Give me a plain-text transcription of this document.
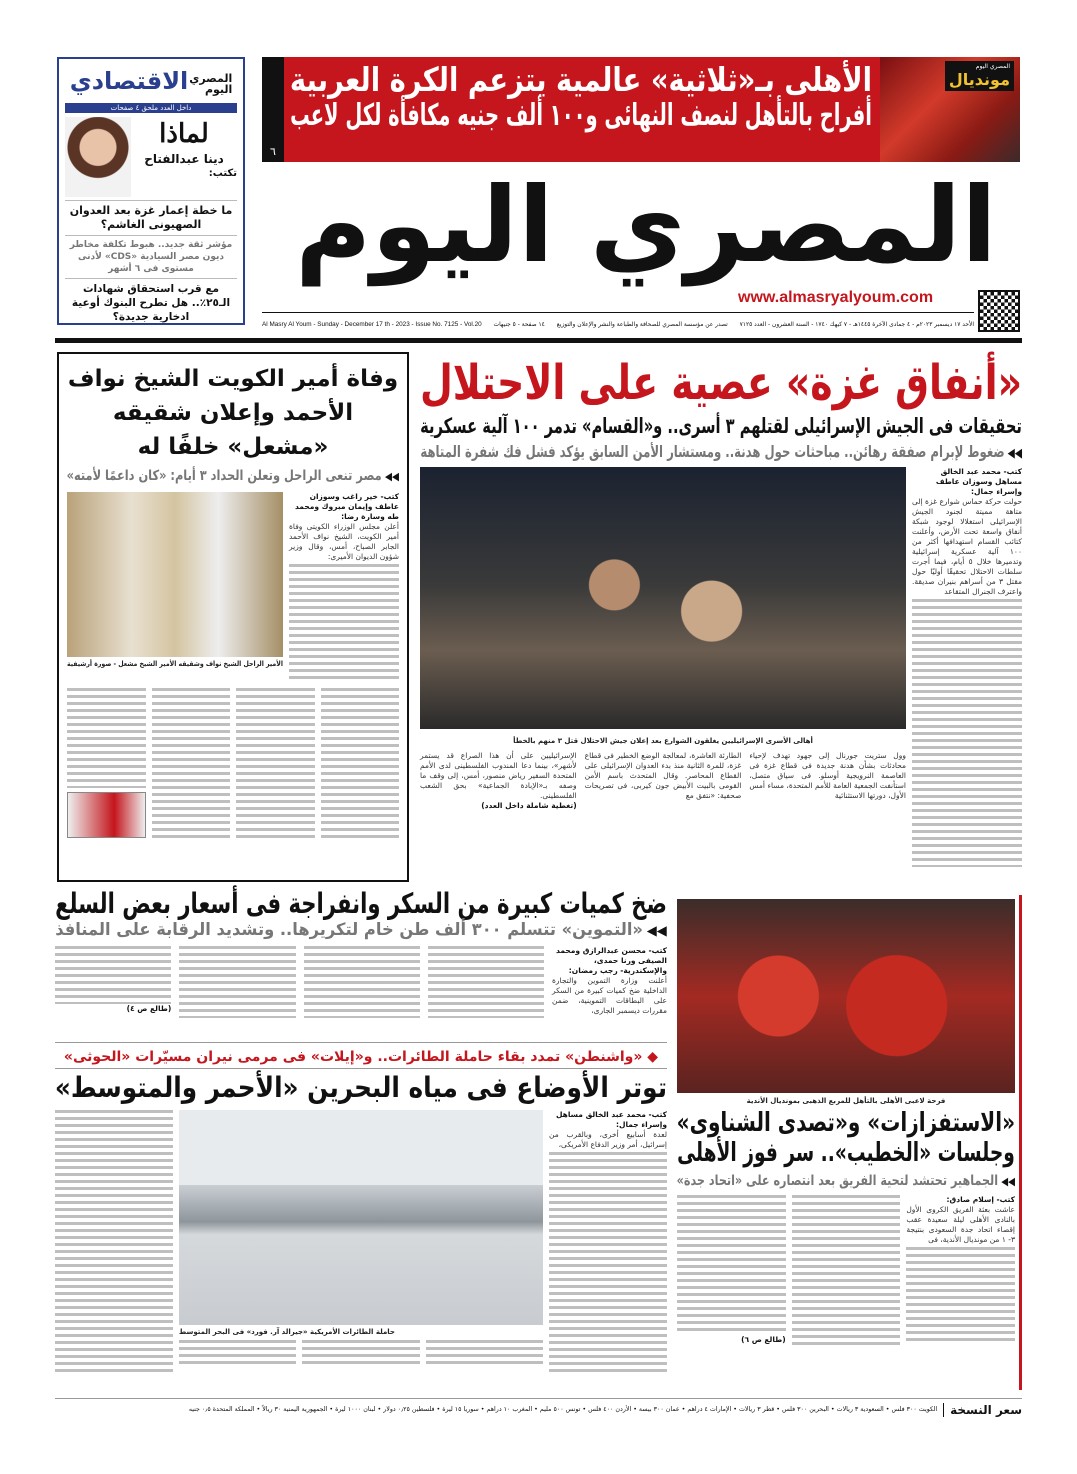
المصري اليوم
الاقتصادي
داخل العدد ملحق ٤ صفحات
لماذا
دينا عبدالفتاح
تكتب:
ما خطة إعمار غزة بعد العدوان الصهيونى الغاشم؟
مؤشر ثقة جديد.. هبوط تكلفة مخاطر ديون مصر السيادية «CDS» لأدنى مستوى فى ٦ أشهر
مع قرب استحقاق شهادات الـ٢٥٪.. هل تطرح البنوك أوعية ادخارية جديدة؟
المصري اليوم
مونديال
الأهلى بـ«ثلاثية» عالمية يتزعم الكرة العربية
أفراح بالتأهل لنصف النهائى و١٠٠ ألف جنيه مكافأة لكل لاعب
٦
المصري اليوم
www.almasryalyoum.com
Al Masry Al Youm - Sunday - December 17 th - 2023 - Issue No. 7125 - Vol.20 ١٤ صفحة - ٥ جنيهات تصدر عن مؤسسة المصري للصحافة والطباعة والنشر والإعلان والتوزيع الأحد ١٧ ديسمبر ٢٠٢٣م - ٤ جمادى الآخرة ١٤٤٥هـ - ٧ كيهك ١٧٤٠ - السنة العشرون - العدد ٧١٢٥
وفاة أمير الكويت الشيخ نواف الأحمد وإعلان شقيقه «مشعل» خلفًا له
◀◀مصر تنعى الراحل وتعلن الحداد ٣ أيام: «كان داعمًا لأمته»
كتب- خير راغب وسوزان عاطف وإيمان مبروك ومحمد طه وسارة رضا:
أعلن مجلس الوزراء الكويتى وفاة أمير الكويت، الشيخ نواف الأحمد الجابر الصباح، أمس، وقال وزير شؤون الديوان الأميرى:
الأمير الراحل الشيخ نواف وشقيقه الأمير الشيخ مشعل - صورة أرشيفية
«أنفاق غزة» عصية على الاحتلال
تحقيقات فى الجيش الإسرائيلى لقتلهم ٣ أسرى.. و«القسام» تدمر ١٠٠ آلية عسكرية
◀◀ضغوط لإبرام صفقة رهائن.. مباحثات حول هدنة.. ومستشار الأمن السابق يؤكد فشل فك شفرة المتاهة
كتب- محمد عبد الخالق مساهل وسوزان عاطف وإسراء جمال:
حولت حركة حماس شوارع غزة إلى متاهة مميتة لجنود الجيش الإسرائيلى استغلالا لوجود شبكة أنفاق واسعة تحت الأرض، وأعلنت كتائب القسام استهدافها أكثر من ١٠٠ آلية عسكرية إسرائيلية وتدميرها خلال ٥ أيام، فيما أجرت سلطات الاحتلال تحقيقًا أوليًا حول مقتل ٣ من أسراهم بنيران صديقة. واعترف الجنرال المتقاعد
أهالى الأسرى الإسرائيليين يغلقون الشوارع بعد إعلان جيش الاحتلال قتل ٣ منهم بالخطأ
وول ستريت جورنال إلى جهود تهدف لإحياء محادثات بشأن هدنة جديدة فى قطاع غزة فى العاصمة النرويجية أوسلو. فى سياق متصل، استأنفت الجمعية العامة للأمم المتحدة، مساء أمس الأول، دورتها الاستثنائية
الطارئة العاشرة، لمعالجة الوضع الخطير فى قطاع غزة، للمرة الثانية منذ بدء العدوان الإسرائيلى على القطاع المحاصر. وقال المتحدث باسم الأمن القومى بالبيت الأبيض جون كيربى، فى تصريحات صحفية: «نتفق مع
الإسرائيليين على أن هذا الصراع قد يستمر لأشهر»، بينما دعا المندوب الفلسطينى لدى الأمم المتحدة السفير رياض منصور، أمس، إلى وقف ما وصفه بـ«الإبادة الجماعية» بحق الشعب الفلسطينى.
(تغطية شاملة داخل العدد)
ضخ كميات كبيرة من السكر وانفراجة فى أسعار بعض السلع
◀◀«التموين» تتسلم ٣٠٠ ألف طن خام لتكريرها.. وتشديد الرقابة على المنافذ
كتب- محسن عبدالرازق ومحمد الصيفى ورنا حمدى، والإسكندرية- رجب رمضان:
أعلنت وزارة التموين والتجارة الداخلية ضخ كميات كبيرة من السكر على البطاقات التموينية، ضمن مقررات ديسمبر الجارى،
(طالع ص ٤)
◆ «واشنطن» تمدد بقاء حاملة الطائرات.. و«إيلات» فى مرمى نيران مسيّرات «الحوثى»
توتر الأوضاع فى مياه البحرين «الأحمر والمتوسط»
كتب- محمد عبد الخالق مساهل وإسراء جمال:
لعدة أسابيع أخرى، وبالقرب من إسرائيل، أمر وزير الدفاع الأمريكى،
حاملة الطائرات الأمريكية «جيرالد آر. فورد» فى البحر المتوسط
فرحة لاعبى الأهلى بالتأهل للمربع الذهبى بمونديال الأندية
«الاستفزازات» و«تصدى الشناوى»
وجلسات «الخطيب».. سر فوز الأهلى
◀◀الجماهير تحتشد لتحية الفريق بعد انتصاره على «اتحاد جدة»
كتب- إسلام صادق:
عاشت بعثة الفريق الكروى الأول بالنادى الأهلى ليلة سعيدة عقب إقصاء اتحاد جدة السعودى بنتيجة ٣- ١ من مونديال الأندية، فى
(طالع ص ٦)
سعر النسخة
الكويت ٣٠٠ فلس • السعودية ٣ ريالات • البحرين ٣٠٠ فلس • قطر ٣ ريالات • الإمارات ٤ دراهم • عمان ٣٠٠ بيسة • الأردن ٤٠٠ فلس • تونس ٥٠٠ مليم • المغرب ١٠ دراهم • سوريا ١٥ ليرة • فلسطين ٠٫٢٥ دولار • لبنان ١٠٠٠ ليرة • الجمهورية اليمنية ٣٠ ريالاً • المملكة المتحدة ٠٫٥ جنيه
